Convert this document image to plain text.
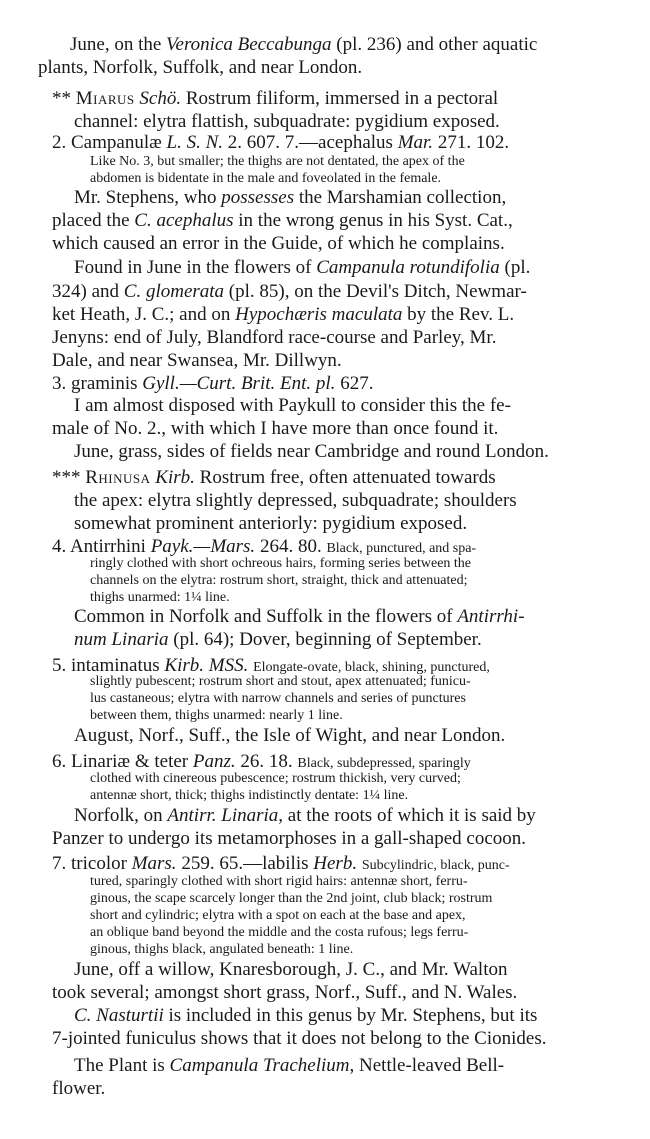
June, on the Veronica Beccabunga (pl. 236) and other aquatic
plants, Norfolk, Suffolk, and near London.
** Miarus Schö. Rostrum filiform, immersed in a pectoral
channel: elytra flattish, subquadrate: pygidium exposed.
2. Campanulæ L. S. N. 2. 607. 7.—acephalus Mar. 271. 102.
Like No. 3, but smaller; the thighs are not dentated, the apex of the
abdomen is bidentate in the male and foveolated in the female.
Mr. Stephens, who possesses the Marshamian collection,
placed the C. acephalus in the wrong genus in his Syst. Cat.,
which caused an error in the Guide, of which he complains.
Found in June in the flowers of Campanula rotundifolia (pl.
324) and C. glomerata (pl. 85), on the Devil's Ditch, Newmar-
ket Heath, J. C.; and on Hypochæris maculata by the Rev. L.
Jenyns: end of July, Blandford race-course and Parley, Mr.
Dale, and near Swansea, Mr. Dillwyn.
3. graminis Gyll.—Curt. Brit. Ent. pl. 627.
I am almost disposed with Paykull to consider this the fe-
male of No. 2., with which I have more than once found it.
June, grass, sides of fields near Cambridge and round London.
*** Rhinusa Kirb. Rostrum free, often attenuated towards
the apex: elytra slightly depressed, subquadrate; shoulders
somewhat prominent anteriorly: pygidium exposed.
4. Antirrhini Payk.—Mars. 264. 80. Black, punctured, and spa-
ringly clothed with short ochreous hairs, forming series between the
channels on the elytra: rostrum short, straight, thick and attenuated;
thighs unarmed: 1¼ line.
Common in Norfolk and Suffolk in the flowers of Antirrhi-
num Linaria (pl. 64); Dover, beginning of September.
5. intaminatus Kirb. MSS. Elongate-ovate, black, shining, punctured,
slightly pubescent; rostrum short and stout, apex attenuated; funicu-
lus castaneous; elytra with narrow channels and series of punctures
between them, thighs unarmed: nearly 1 line.
August, Norf., Suff., the Isle of Wight, and near London.
6. Linariæ & teter Panz. 26. 18. Black, subdepressed, sparingly
clothed with cinereous pubescence; rostrum thickish, very curved;
antennæ short, thick; thighs indistinctly dentate: 1¼ line.
Norfolk, on Antirr. Linaria, at the roots of which it is said by
Panzer to undergo its metamorphoses in a gall-shaped cocoon.
7. tricolor Mars. 259. 65.—labilis Herb. Subcylindric, black, punc-
tured, sparingly clothed with short rigid hairs: antennæ short, ferru-
ginous, the scape scarcely longer than the 2nd joint, club black; rostrum
short and cylindric; elytra with a spot on each at the base and apex,
an oblique band beyond the middle and the costa rufous; legs ferru-
ginous, thighs black, angulated beneath: 1 line.
June, off a willow, Knaresborough, J. C., and Mr. Walton
took several; amongst short grass, Norf., Suff., and N. Wales.
C. Nasturtii is included in this genus by Mr. Stephens, but its
7-jointed funiculus shows that it does not belong to the Cionides.
The Plant is Campanula Trachelium, Nettle-leaved Bell-
flower.
